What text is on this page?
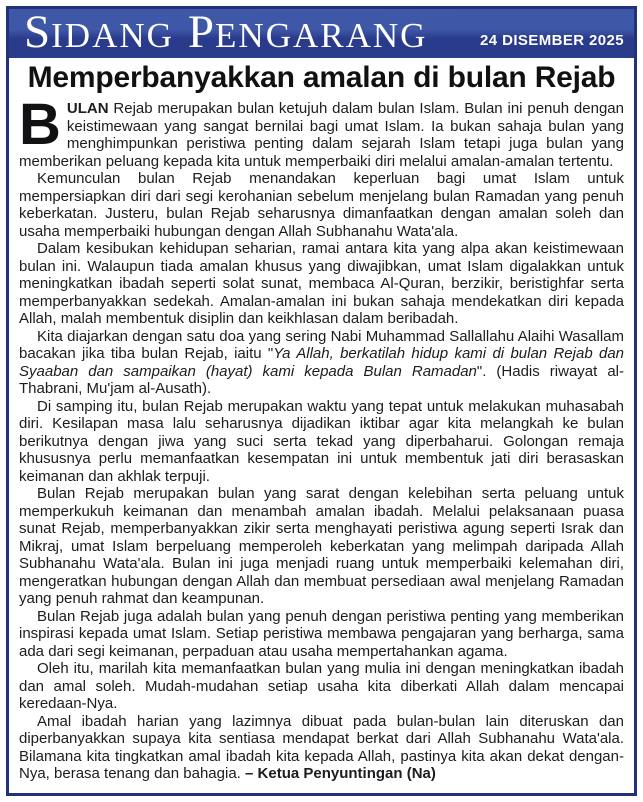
SIDANG PENGARANG	24 DISEMBER 2025
Memperbanyakkan amalan di bulan Rejab

BULAN Rejab merupakan bulan ketujuh dalam bulan Islam. Bulan ini penuh dengan keistimewaan yang sangat bernilai bagi umat Islam. Ia bukan sahaja bulan yang menghimpunkan peristiwa penting dalam sejarah Islam tetapi juga bulan yang memberikan peluang kepada kita untuk memperbaiki diri melalui amalan-amalan tertentu.

Kemunculan bulan Rejab menandakan keperluan bagi umat Islam untuk mempersiapkan diri dari segi kerohanian sebelum menjelang bulan Ramadan yang penuh keberkatan. Justeru, bulan Rejab seharusnya dimanfaatkan dengan amalan soleh dan usaha memperbaiki hubungan dengan Allah Subhanahu Wata'ala.

Dalam kesibukan kehidupan seharian, ramai antara kita yang alpa akan keistimewaan bulan ini. Walaupun tiada amalan khusus yang diwajibkan, umat Islam digalakkan untuk meningkatkan ibadah seperti solat sunat, membaca Al-Quran, berzikir, beristighfar serta memperbanyakkan sedekah. Amalan-amalan ini bukan sahaja mendekatkan diri kepada Allah, malah membentuk disiplin dan keikhlasan dalam beribadah.

Kita diajarkan dengan satu doa yang sering Nabi Muhammad Sallallahu Alaihi Wasallam bacakan jika tiba bulan Rejab, iaitu "Ya Allah, berkatilah hidup kami di bulan Rejab dan Syaaban dan sampaikan (hayat) kami kepada Bulan Ramadan". (Hadis riwayat al-Thabrani, Mu'jam al-Ausath).

Di samping itu, bulan Rejab merupakan waktu yang tepat untuk melakukan muhasabah diri. Kesilapan masa lalu seharusnya dijadikan iktibar agar kita melangkah ke bulan berikutnya dengan jiwa yang suci serta tekad yang diperbaharui. Golongan remaja khususnya perlu memanfaatkan kesempatan ini untuk membentuk jati diri berasaskan keimanan dan akhlak terpuji.

Bulan Rejab merupakan bulan yang sarat dengan kelebihan serta peluang untuk memperkukuh keimanan dan menambah amalan ibadah. Melalui pelaksanaan puasa sunat Rejab, memperbanyakkan zikir serta menghayati peristiwa agung seperti Israk dan Mikraj, umat Islam berpeluang memperoleh keberkatan yang melimpah daripada Allah Subhanahu Wata'ala. Bulan ini juga menjadi ruang untuk memperbaiki kelemahan diri, mengeratkan hubungan dengan Allah dan membuat persediaan awal menjelang Ramadan yang penuh rahmat dan keampunan.

Bulan Rejab juga adalah bulan yang penuh dengan peristiwa penting yang memberikan inspirasi kepada umat Islam. Setiap peristiwa membawa pengajaran yang berharga, sama ada dari segi keimanan, perpaduan atau usaha mempertahankan agama.

Oleh itu, marilah kita memanfaatkan bulan yang mulia ini dengan meningkatkan ibadah dan amal soleh. Mudah-mudahan setiap usaha kita diberkati Allah dalam mencapai keredaan-Nya.

Amal ibadah harian yang lazimnya dibuat pada bulan-bulan lain diteruskan dan diperbanyakkan supaya kita sentiasa mendapat berkat dari Allah Subhanahu Wata'ala. Bilamana kita tingkatkan amal ibadah kita kepada Allah, pastinya kita akan dekat dengan-Nya, berasa tenang dan bahagia. – Ketua Penyuntingan (Na)
